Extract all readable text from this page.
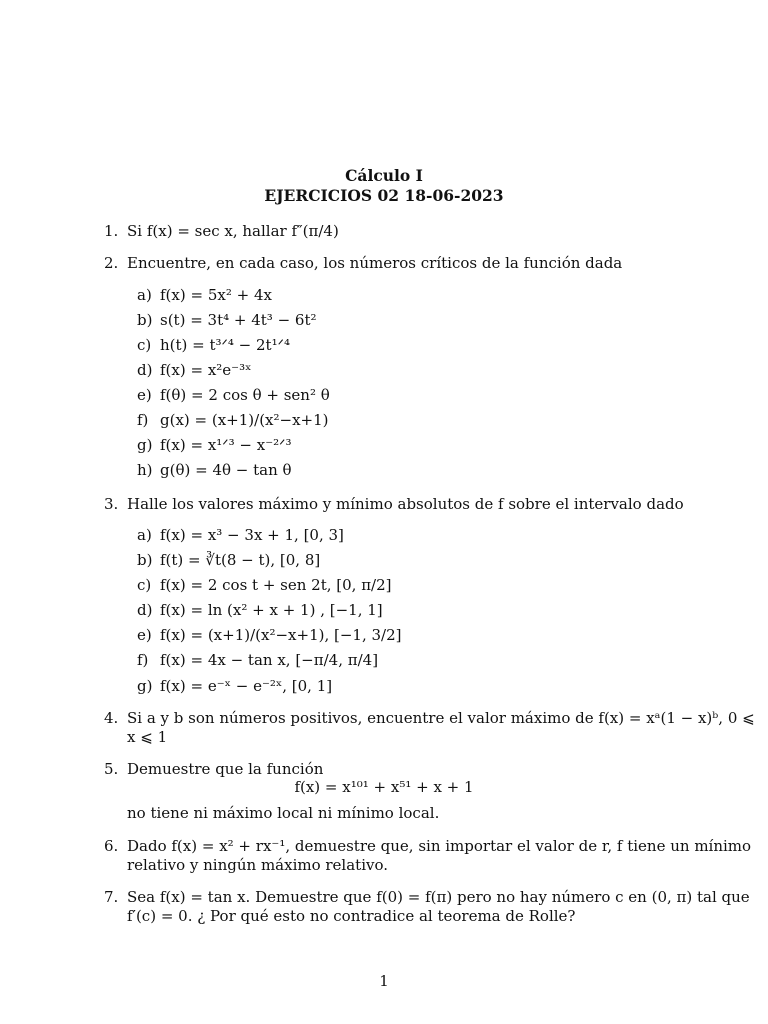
Cálculo I
EJERCICIOS 02 18-06-2023
1. Si f(x) = sec x, hallar f″(π/4)
2. Encuentre, en cada caso, los números críticos de la función dada
a) f(x) = 5x² + 4x
b) s(t) = 3t⁴ + 4t³ − 6t²
c) h(t) = t³ᐟ⁴ − 2t¹ᐟ⁴
d) f(x) = x²e⁻³ˣ
e) f(θ) = 2 cos θ + sen² θ
f) g(x) = (x+1)/(x²−x+1)
g) f(x) = x¹ᐟ³ − x⁻²ᐟ³
h) g(θ) = 4θ − tan θ
3. Halle los valores máximo y mínimo absolutos de f sobre el intervalo dado
a) f(x) = x³ − 3x + 1, [0, 3]
b) f(t) = ∛t(8 − t), [0, 8]
c) f(x) = 2 cos t + sen 2t, [0, π/2]
d) f(x) = ln (x² + x + 1) , [−1, 1]
e) f(x) = (x+1)/(x²−x+1), [−1, 3/2]
f) f(x) = 4x − tan x, [−π/4, π/4]
g) f(x) = e⁻ˣ − e⁻²ˣ, [0, 1]
4. Si a y b son números positivos, encuentre el valor máximo de f(x) = xᵃ(1 − x)ᵇ, 0 ⩽
x ⩽ 1
5. Demuestre que la función
f(x) = x¹⁰¹ + x⁵¹ + x + 1
no tiene ni máximo local ni mínimo local.
6. Dado f(x) = x² + rx⁻¹, demuestre que, sin importar el valor de r, f tiene un mínimo
relativo y ningún máximo relativo.
7. Sea f(x) = tan x. Demuestre que f(0) = f(π) pero no hay número c en (0, π) tal que
f′(c) = 0. ¿ Por qué esto no contradice al teorema de Rolle?
1
